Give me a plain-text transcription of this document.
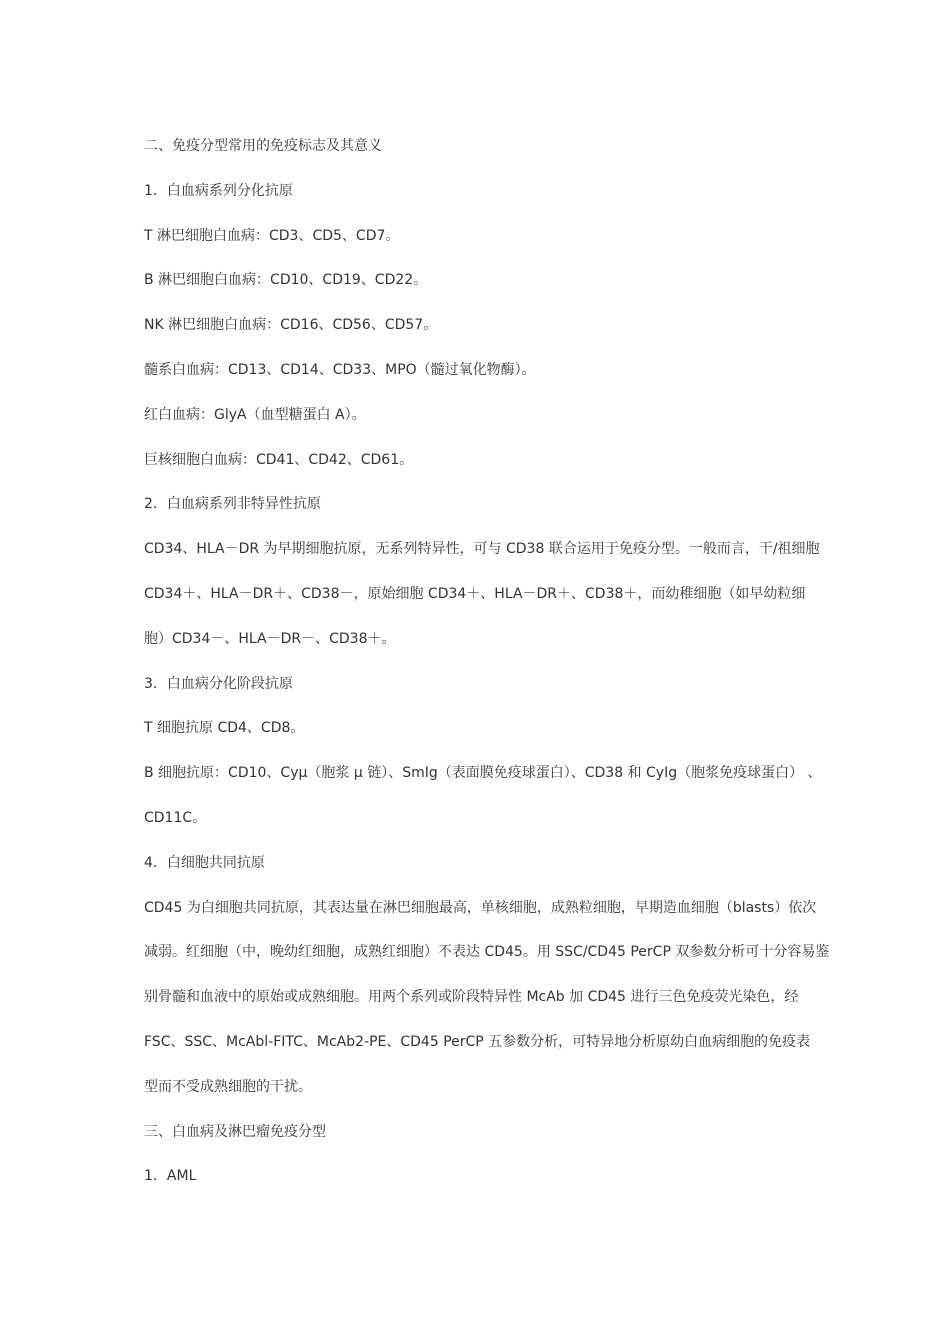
二、免疫分型常用的免疫标志及其意义
1．白血病系列分化抗原
T 淋巴细胞白血病：CD3、CD5、CD7。
B 淋巴细胞白血病：CD10、CD19、CD22。
NK 淋巴细胞白血病：CD16、CD56、CD57。
髓系白血病：CD13、CD14、CD33、MPO（髓过氧化物酶）。
红白血病：GlyA（血型糖蛋白 A）。
巨核细胞白血病：CD41、CD42、CD61。
2．白血病系列非特异性抗原
CD34、HLA－DR 为早期细胞抗原，无系列特异性，可与 CD38 联合运用于免疫分型。一般而言，干/祖细胞
CD34＋、HLA－DR＋、CD38－，原始细胞 CD34＋、HLA－DR＋、CD38＋，而幼稚细胞（如早幼粒细
胞）CD34－、HLA－DR－、CD38＋。
3．白血病分化阶段抗原
T 细胞抗原 CD4、CD8。
B 细胞抗原：CD10、Cyμ（胞浆 μ 链）、SmIg（表面膜免疫球蛋白）、CD38 和 CyIg（胞浆免疫球蛋白） 、
CD11C。
4．白细胞共同抗原
CD45 为白细胞共同抗原，其表达量在淋巴细胞最高，单核细胞，成熟粒细胞，早期造血细胞（blasts）依次
减弱。红细胞（中，晚幼红细胞，成熟红细胞）不表达 CD45。用 SSC/CD45 PerCP 双参数分析可十分容易鉴
别骨髓和血液中的原始或成熟细胞。用两个系列或阶段特异性 McAb 加 CD45 进行三色免疫荧光染色，经
FSC、SSC、McAbl-FITC、McAb2-PE、CD45 PerCP 五参数分析，可特异地分析原幼白血病细胞的免疫表
型而不受成熟细胞的干扰。
三、白血病及淋巴瘤免疫分型
1．AML
